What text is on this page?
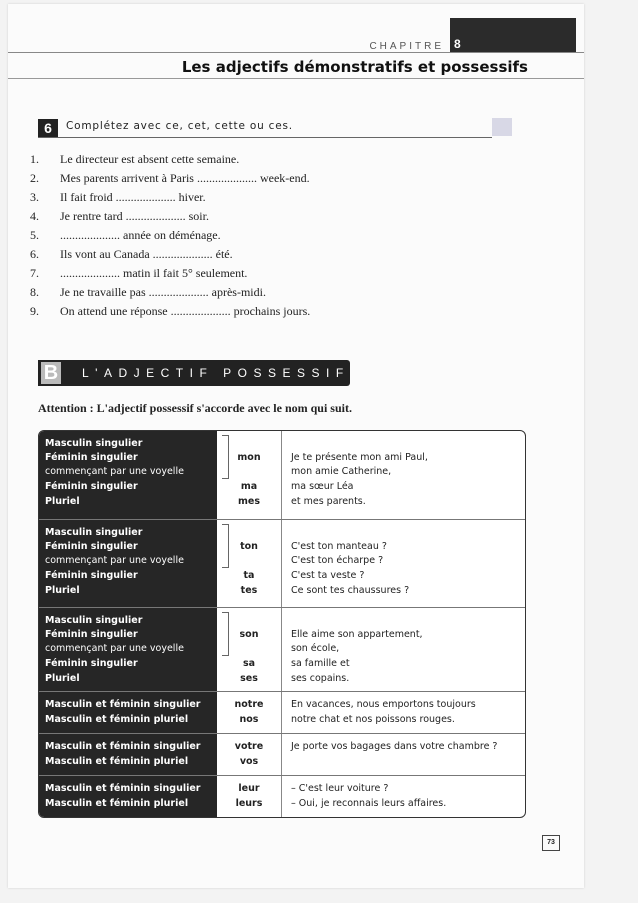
CHAPITRE 8
Les adjectifs démonstratifs et possessifs
6	Complétez avec ce, cet, cette ou ces.
1. Le directeur est absent cette semaine.
2. Mes parents arrivent à Paris .................... week-end.
3. Il fait froid .................... hiver.
4. Je rentre tard .................... soir.
5. .................... année on déménage.
6. Ils vont au Canada .................... été.
7. .................... matin il fait 5° seulement.
8. Je ne travaille pas .................... après-midi.
9. On attend une réponse .................... prochains jours.
B L'ADJECTIF POSSESSIF
Attention : L'adjectif possessif s'accorde avec le nom qui suit.
Masculin singulier
Féminin singulier
commençant par une voyelle
Féminin singulier
Pluriel
mon
ma
mes
Je te présente mon ami Paul,
mon amie Catherine,
ma sœur Léa
et mes parents.
Masculin singulier
Féminin singulier
commençant par une voyelle
Féminin singulier
Pluriel
ton
ta
tes
C'est ton manteau ?
C'est ton écharpe ?
C'est ta veste ?
Ce sont tes chaussures ?
Masculin singulier
Féminin singulier
commençant par une voyelle
Féminin singulier
Pluriel
son
sa
ses
Elle aime son appartement,
son école,
sa famille et
ses copains.
Masculin et féminin singulier
Masculin et féminin pluriel
notre
nos
En vacances, nous emportons toujours
notre chat et nos poissons rouges.
Masculin et féminin singulier
Masculin et féminin pluriel
votre
vos
Je porte vos bagages dans votre chambre ?
Masculin et féminin singulier
Masculin et féminin pluriel
leur
leurs
– C'est leur voiture ?
– Oui, je reconnais leurs affaires.
73
